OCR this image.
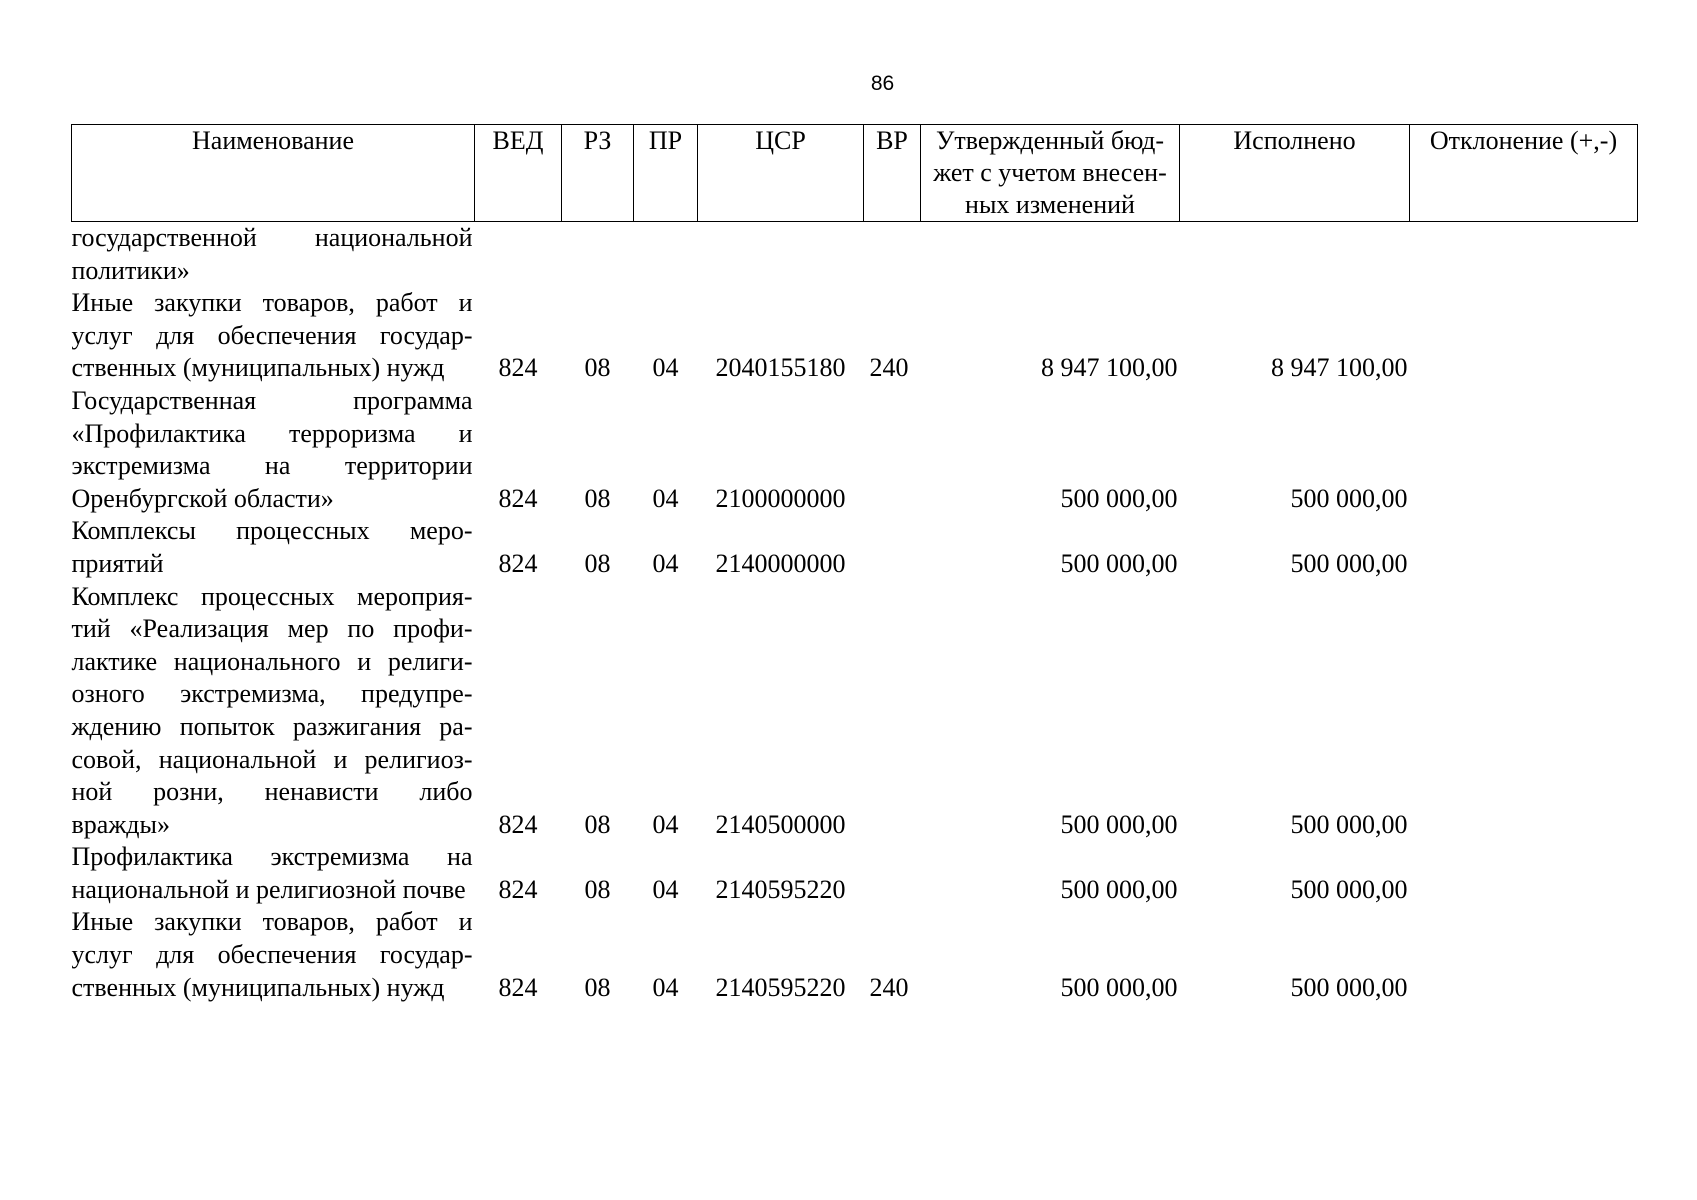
86
Наименование	ВЕД	РЗ	ПР	ЦСР	ВР	Утвержденный бюд-жет с учетом внесен-ных изменений	Исполнено	Отклонение (+,-)
государственной национальной политики»								
Иные закупки товаров, работ и услуг для обеспечения государ-ственных (муниципальных) нужд	824	08	04	2040155180	240	8 947 100,00	8 947 100,00	
Государственная программа «Профилактика терроризма и экстремизма на территории Оренбургской области»	824	08	04	2100000000		500 000,00	500 000,00	
Комплексы процессных меро-приятий	824	08	04	2140000000		500 000,00	500 000,00	
Комплекс процессных мероприя-тий «Реализация мер по профи-лактике национального и религи-озного экстремизма, предупре-ждению попыток разжигания ра-совой, национальной и религиоз-ной розни, ненависти либо вражды»	824	08	04	2140500000		500 000,00	500 000,00	
Профилактика экстремизма на национальной и религиозной почве	824	08	04	2140595220		500 000,00	500 000,00	
Иные закупки товаров, работ и услуг для обеспечения государ-ственных (муниципальных) нужд	824	08	04	2140595220	240	500 000,00	500 000,00	
